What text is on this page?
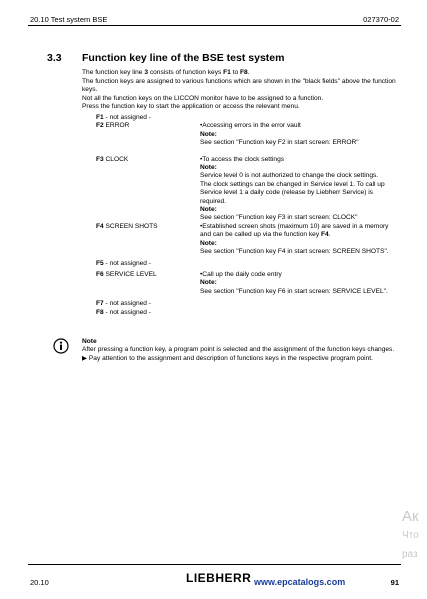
20.10 Test system BSE	027370-02
3.3 Function key line of the BSE test system

The function key line 3 consists of function keys F1 to F8.

The function keys are assigned to various functions which are shown in the "black fields" above the function keys.

Not all the function keys on the LICCON monitor have to be assigned to a function.

Press the function key to start the application or access the relevant menu.

F1 - not assigned -
F2 ERROR	•Accessing errors in the error vault
Note:
See section "Function key F2 in start screen: ERROR"
F3 CLOCK	•To access the clock settings
Note:
Service level 0 is not authorized to change the clock settings. The clock settings can be changed in Service level 1. To call up Service level 1 a daily code (release by Liebherr Service) is required.
Note:
See section "Function key F3 in start screen: CLOCK"
F4 SCREEN SHOTS	•Established screen shots (maximum 10) are saved in a memory and can be called up via the function key F4.
Note:
See section "Function key F4 in start screen: SCREEN SHOTS".
F5 - not assigned -
F6 SERVICE LEVEL	•Call up the daily code entry
Note:
See section "Function key F6 in start screen: SERVICE LEVEL".
F7 - not assigned -
F8 - not assigned -

Note

After pressing a function key, a program point is selected and the assignment of the function keys changes.

▶ Pay attention to the assignment and description of functions keys in the respective program point.

Ак
Что
раз
20.10	LIEBHERR www.epcatalogs.com	91
